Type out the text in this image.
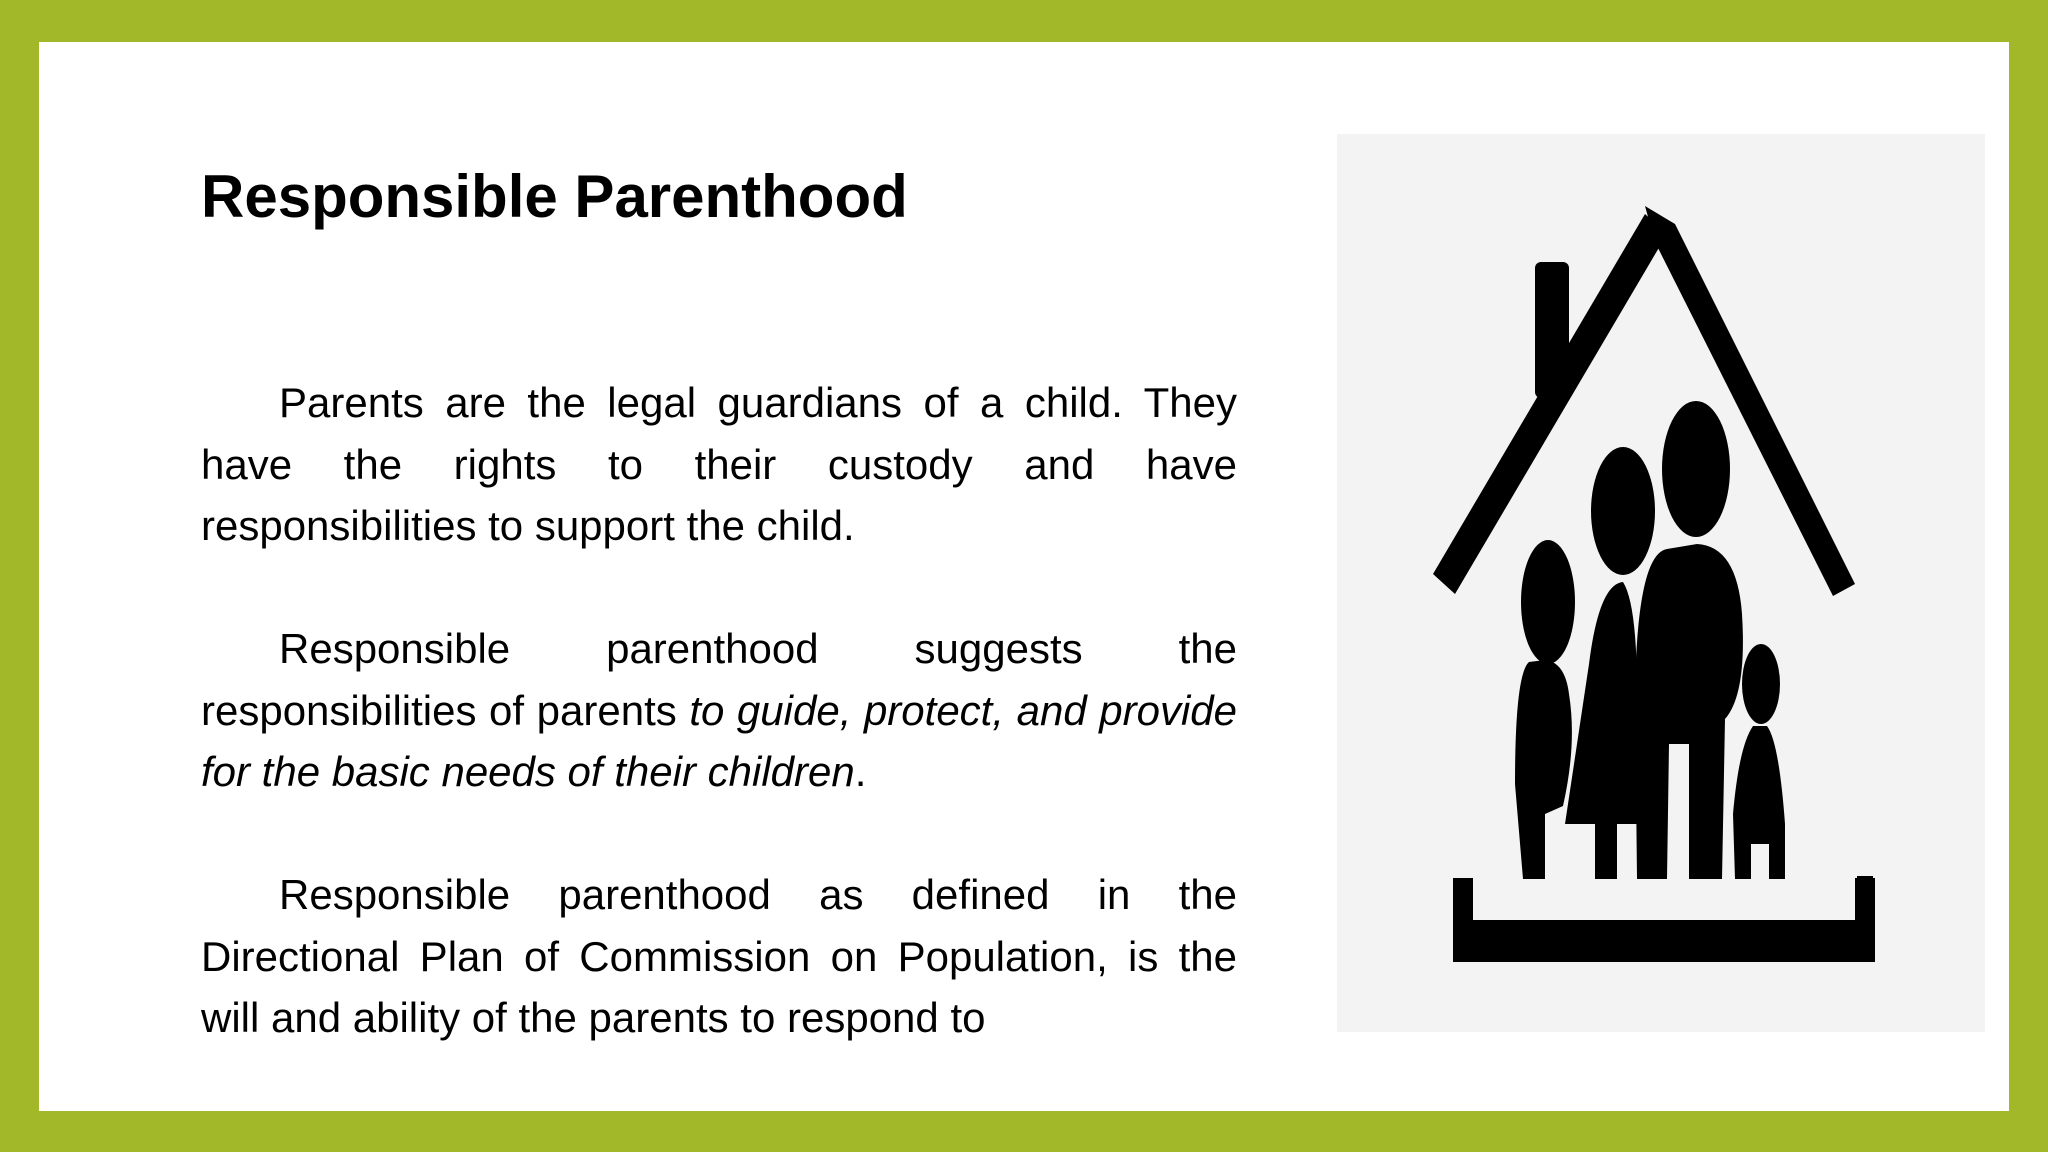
Responsible Parenthood

Parents are the legal guardians of a child. They have the rights to their custody and have responsibilities to support the child.

Responsible parenthood suggests the responsibilities of parents to guide, protect, and provide for the basic needs of their children.

Responsible parenthood as defined in the Directional Plan of Commission on Population, is the will and ability of the parents to respond to
